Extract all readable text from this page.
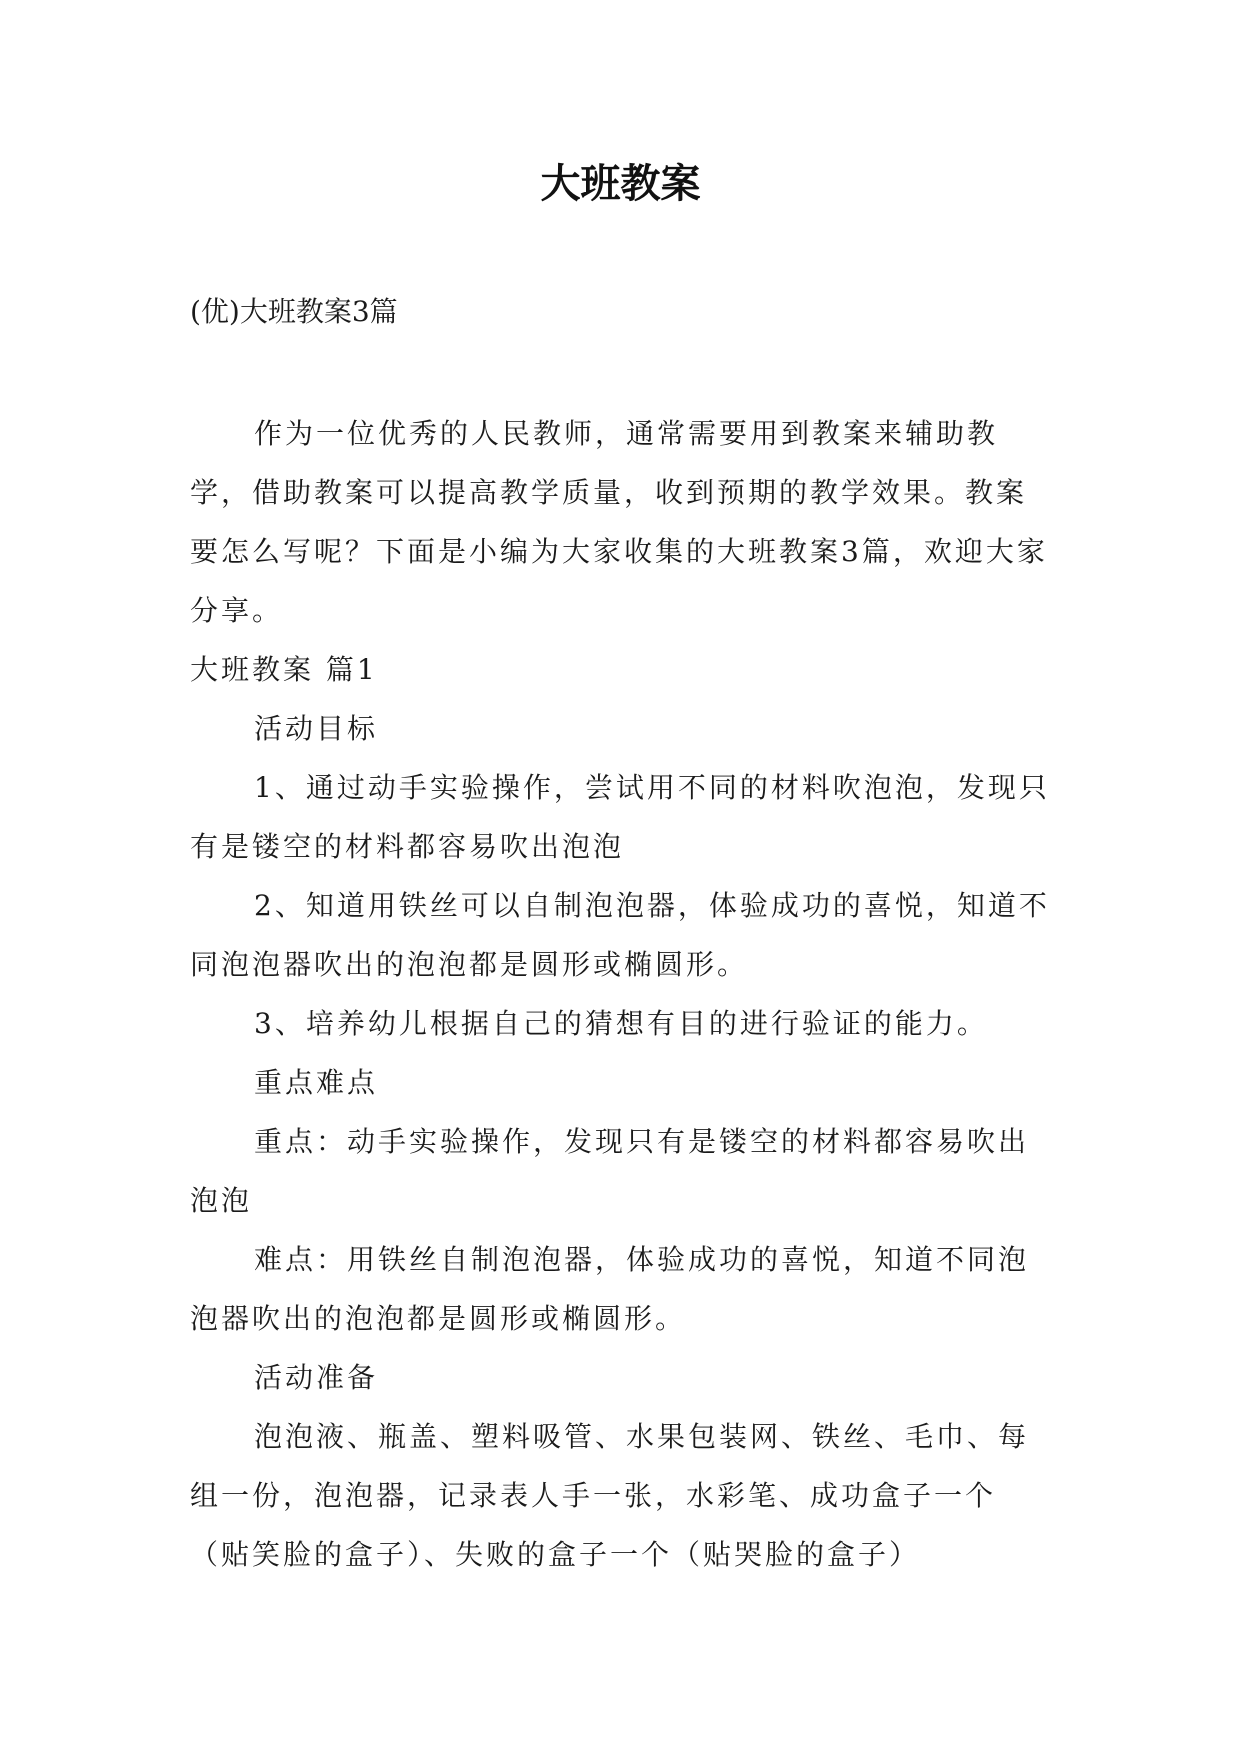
大班教案
(优)大班教案3篇

作为一位优秀的人民教师，通常需要用到教案来辅助教学，借助教案可以提高教学质量，收到预期的教学效果。教案要怎么写呢？下面是小编为大家收集的大班教案3篇，欢迎大家分享。

大班教案 篇1

活动目标

1、通过动手实验操作，尝试用不同的材料吹泡泡，发现只有是镂空的材料都容易吹出泡泡

2、知道用铁丝可以自制泡泡器，体验成功的喜悦，知道不同泡泡器吹出的泡泡都是圆形或椭圆形。

3、培养幼儿根据自己的猜想有目的进行验证的能力。

重点难点

重点：动手实验操作，发现只有是镂空的材料都容易吹出泡泡

难点：用铁丝自制泡泡器，体验成功的喜悦，知道不同泡泡器吹出的泡泡都是圆形或椭圆形。

活动准备

泡泡液、瓶盖、塑料吸管、水果包装网、铁丝、毛巾、每组一份，泡泡器，记录表人手一张，水彩笔、成功盒子一个（贴笑脸的盒子）、失败的盒子一个（贴哭脸的盒子）
